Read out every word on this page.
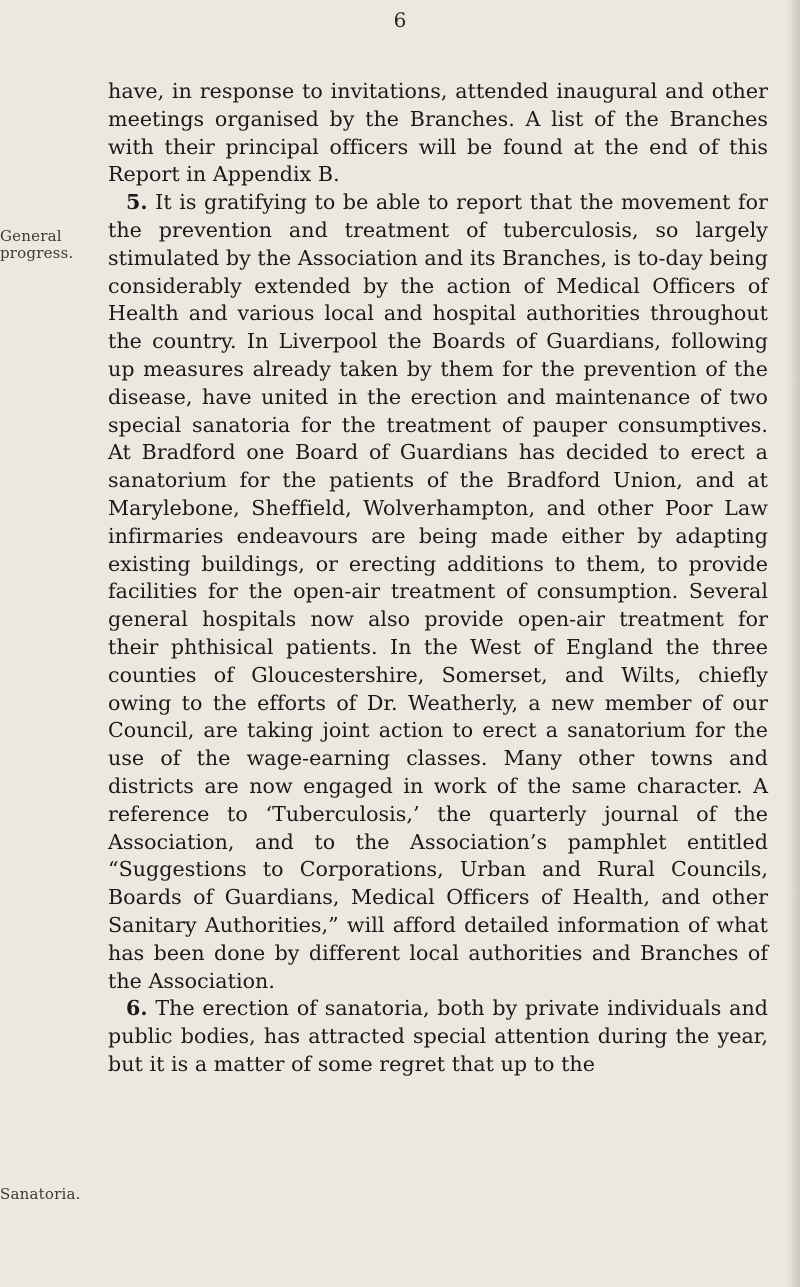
6
General progress.
Sanatoria.

have, in response to invitations, attended inaugural and other meetings organised by the Branches. A list of the Branches with their principal officers will be found at the end of this Report in Appendix B.

5. It is gratifying to be able to report that the movement for the prevention and treatment of tuberculosis, so largely stimulated by the Association and its Branches, is to-day being considerably extended by the action of Medical Officers of Health and various local and hospital authorities throughout the country. In Liverpool the Boards of Guardians, following up measures already taken by them for the prevention of the disease, have united in the erection and maintenance of two special sanatoria for the treatment of pauper consumptives. At Bradford one Board of Guardians has decided to erect a sanatorium for the patients of the Bradford Union, and at Marylebone, Sheffield, Wolverhampton, and other Poor Law infirmaries endeavours are being made either by adapting existing buildings, or erecting additions to them, to provide facilities for the open-air treatment of consumption. Several general hospitals now also provide open-air treatment for their phthisical patients. In the West of England the three counties of Gloucestershire, Somerset, and Wilts, chiefly owing to the efforts of Dr. Weatherly, a new member of our Council, are taking joint action to erect a sanatorium for the use of the wage-earning classes. Many other towns and districts are now engaged in work of the same character. A reference to ‘Tuberculosis,’ the quarterly journal of the Association, and to the Association’s pamphlet entitled “Suggestions to Corporations, Urban and Rural Councils, Boards of Guardians, Medical Officers of Health, and other Sanitary Authorities,” will afford detailed information of what has been done by different local authorities and Branches of the Association.

6. The erection of sanatoria, both by private individuals and public bodies, has attracted special attention during the year, but it is a matter of some regret that up to the
